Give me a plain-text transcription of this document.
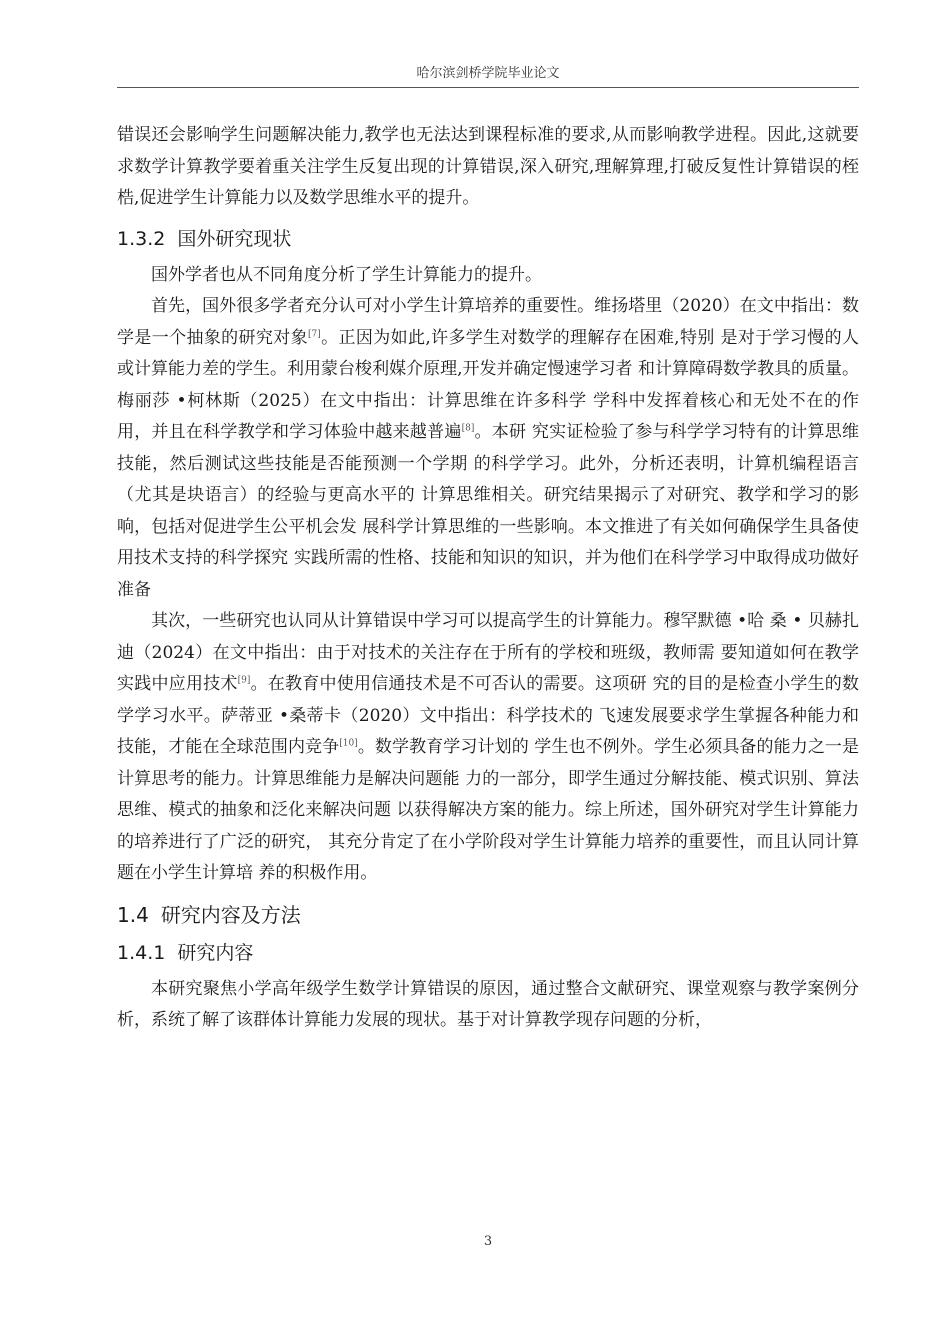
哈尔滨剑桥学院毕业论文

错误还会影响学生问题解决能力,教学也无法达到课程标准的要求,从而影响教学进程。因此,这就要求数学计算教学要着重关注学生反复出现的计算错误,深入研究,理解算理,打破反复性计算错误的桎梏,促进学生计算能力以及数学思维水平的提升。

1.3.2 国外研究现状

国外学者也从不同角度分析了学生计算能力的提升。

首先，国外很多学者充分认可对小学生计算培养的重要性。维扬塔里（2020）在文中指出：数学是一个抽象的研究对象[7]。正因为如此,许多学生对数学的理解存在困难,特别 是对于学习慢的人或计算能力差的学生。利用蒙台梭利媒介原理,开发并确定慢速学习者 和计算障碍数学教具的质量。梅丽莎 •柯林斯（2025）在文中指出：计算思维在许多科学 学科中发挥着核心和无处不在的作用，并且在科学教学和学习体验中越来越普遍[8]。本研 究实证检验了参与科学学习特有的计算思维技能，然后测试这些技能是否能预测一个学期 的科学学习。此外，分析还表明，计算机编程语言（尤其是块语言）的经验与更高水平的 计算思维相关。研究结果揭示了对研究、教学和学习的影响，包括对促进学生公平机会发 展科学计算思维的一些影响。本文推进了有关如何确保学生具备使用技术支持的科学探究 实践所需的性格、技能和知识的知识，并为他们在科学学习中取得成功做好准备

其次，一些研究也认同从计算错误中学习可以提高学生的计算能力。穆罕默德 •哈 桑 • 贝赫扎迪（2024）在文中指出：由于对技术的关注存在于所有的学校和班级，教师需 要知道如何在教学实践中应用技术[9]。在教育中使用信通技术是不可否认的需要。这项研 究的目的是检查小学生的数学学习水平。萨蒂亚 •桑蒂卡（2020）文中指出：科学技术的 飞速发展要求学生掌握各种能力和技能，才能在全球范围内竞争[10]。数学教育学习计划的 学生也不例外。学生必须具备的能力之一是计算思考的能力。计算思维能力是解决问题能 力的一部分，即学生通过分解技能、模式识别、算法思维、模式的抽象和泛化来解决问题 以获得解决方案的能力。综上所述，国外研究对学生计算能力的培养进行了广泛的研究， 其充分肯定了在小学阶段对学生计算能力培养的重要性，而且认同计算题在小学生计算培 养的积极作用。

1.4 研究内容及方法
1.4.1 研究内容

本研究聚焦小学高年级学生数学计算错误的原因，通过整合文献研究、课堂观察与教学案例分析，系统了解了该群体计算能力发展的现状。基于对计算教学现存问题的分析，

3
